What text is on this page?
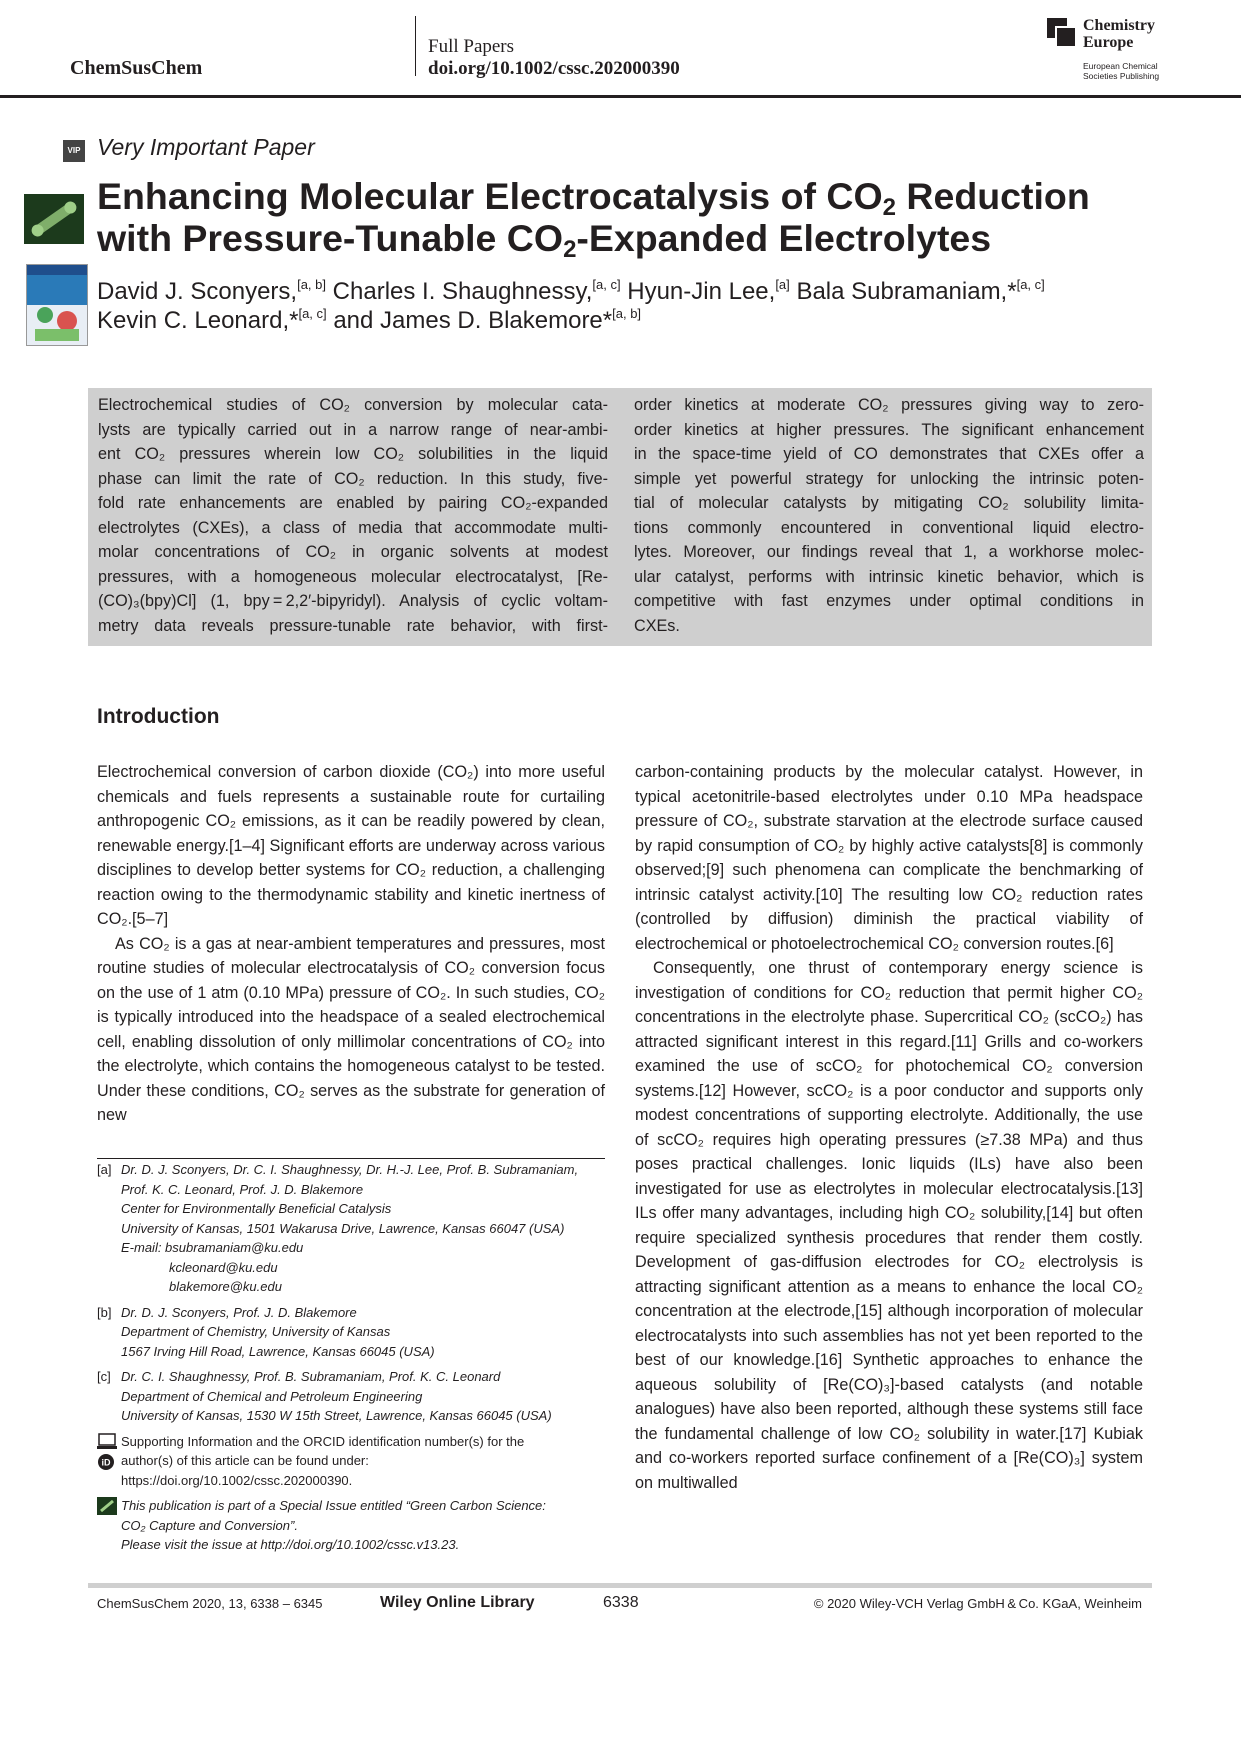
ChemSusChem
Full Papers
doi.org/10.1002/cssc.202000390
Chemistry
Europe
European Chemical
Societies Publishing
VIP Very Important Paper
Enhancing Molecular Electrocatalysis of $CO_2$ Reduction
with Pressure-Tunable $CO_2$-Expanded Electrolytes
David J. Sconyers,[a, b] Charles I. Shaughnessy,[a, c] Hyun-Jin Lee,[a] Bala Subramaniam,*[a, c]
Kevin C. Leonard,*[a, c] and James D. Blakemore*[a, b]
Electrochemical studies of CO₂ conversion by molecular cata-
lysts are typically carried out in a narrow range of near-ambi-
ent CO₂ pressures wherein low CO₂ solubilities in the liquid
phase can limit the rate of CO₂ reduction. In this study, five-
fold rate enhancements are enabled by pairing CO₂-expanded
electrolytes (CXEs), a class of media that accommodate multi-
molar concentrations of CO₂ in organic solvents at modest
pressures, with a homogeneous molecular electrocatalyst, [Re-
(CO)₃(bpy)Cl] (1, bpy = 2,2′-bipyridyl). Analysis of cyclic voltam-
metry data reveals pressure-tunable rate behavior, with first-
order kinetics at moderate CO₂ pressures giving way to zero-
order kinetics at higher pressures. The significant enhancement
in the space-time yield of CO demonstrates that CXEs offer a
simple yet powerful strategy for unlocking the intrinsic poten-
tial of molecular catalysts by mitigating CO₂ solubility limita-
tions commonly encountered in conventional liquid electro-
lytes. Moreover, our findings reveal that 1, a workhorse molec-
ular catalyst, performs with intrinsic kinetic behavior, which is
competitive with fast enzymes under optimal conditions in
CXEs.
Introduction

Electrochemical conversion of carbon dioxide (CO₂) into more useful chemicals and fuels represents a sustainable route for curtailing anthropogenic CO₂ emissions, as it can be readily powered by clean, renewable energy.[1–4] Significant efforts are underway across various disciplines to develop better systems for CO₂ reduction, a challenging reaction owing to the thermodynamic stability and kinetic inertness of CO₂.[5–7]

As CO₂ is a gas at near-ambient temperatures and pressures, most routine studies of molecular electrocatalysis of CO₂ conversion focus on the use of 1 atm (0.10 MPa) pressure of CO₂. In such studies, CO₂ is typically introduced into the headspace of a sealed electrochemical cell, enabling dissolution of only millimolar concentrations of CO₂ into the electrolyte, which contains the homogeneous catalyst to be tested. Under these conditions, CO₂ serves as the substrate for generation of new

carbon-containing products by the molecular catalyst. However, in typical acetonitrile-based electrolytes under 0.10 MPa headspace pressure of CO₂, substrate starvation at the electrode surface caused by rapid consumption of CO₂ by highly active catalysts[8] is commonly observed;[9] such phenomena can complicate the benchmarking of intrinsic catalyst activity.[10] The resulting low CO₂ reduction rates (controlled by diffusion) diminish the practical viability of electrochemical or photoelectrochemical CO₂ conversion routes.[6]

Consequently, one thrust of contemporary energy science is investigation of conditions for CO₂ reduction that permit higher CO₂ concentrations in the electrolyte phase. Supercritical CO₂ (scCO₂) has attracted significant interest in this regard.[11] Grills and co-workers examined the use of scCO₂ for photochemical CO₂ conversion systems.[12] However, scCO₂ is a poor conductor and supports only modest concentrations of supporting electrolyte. Additionally, the use of scCO₂ requires high operating pressures (≥7.38 MPa) and thus poses practical challenges. Ionic liquids (ILs) have also been investigated for use as electrolytes in molecular electrocatalysis.[13] ILs offer many advantages, including high CO₂ solubility,[14] but often require specialized synthesis procedures that render them costly. Development of gas-diffusion electrodes for CO₂ electrolysis is attracting significant attention as a means to enhance the local CO₂ concentration at the electrode,[15] although incorporation of molecular electrocatalysts into such assemblies has not yet been reported to the best of our knowledge.[16] Synthetic approaches to enhance the aqueous solubility of [Re(CO)₃]-based catalysts (and notable analogues) have also been reported, although these systems still face the fundamental challenge of low CO₂ solubility in water.[17] Kubiak and co-workers reported surface confinement of a [Re(CO)₃] system on multiwalled

[a] Dr. D. J. Sconyers, Dr. C. I. Shaughnessy, Dr. H.-J. Lee, Prof. B. Subramaniam,
Prof. K. C. Leonard, Prof. J. D. Blakemore
Center for Environmentally Beneficial Catalysis
University of Kansas, 1501 Wakarusa Drive, Lawrence, Kansas 66047 (USA)
E-mail: bsubramaniam@ku.edu
kcleonard@ku.edu
blakemore@ku.edu
[b] Dr. D. J. Sconyers, Prof. J. D. Blakemore
Department of Chemistry, University of Kansas
1567 Irving Hill Road, Lawrence, Kansas 66045 (USA)
[c] Dr. C. I. Shaughnessy, Prof. B. Subramaniam, Prof. K. C. Leonard
Department of Chemical and Petroleum Engineering
University of Kansas, 1530 W 15th Street, Lawrence, Kansas 66045 (USA)
iD
Supporting Information and the ORCID identification number(s) for the
author(s) of this article can be found under:
https://doi.org/10.1002/cssc.202000390.
This publication is part of a Special Issue entitled “Green Carbon Science:
CO₂ Capture and Conversion”.
Please visit the issue at http://doi.org/10.1002/cssc.v13.23.
ChemSusChem 2020, 13, 6338 – 6345	Wiley Online Library	6338	© 2020 Wiley-VCH Verlag GmbH & Co. KGaA, Weinheim
